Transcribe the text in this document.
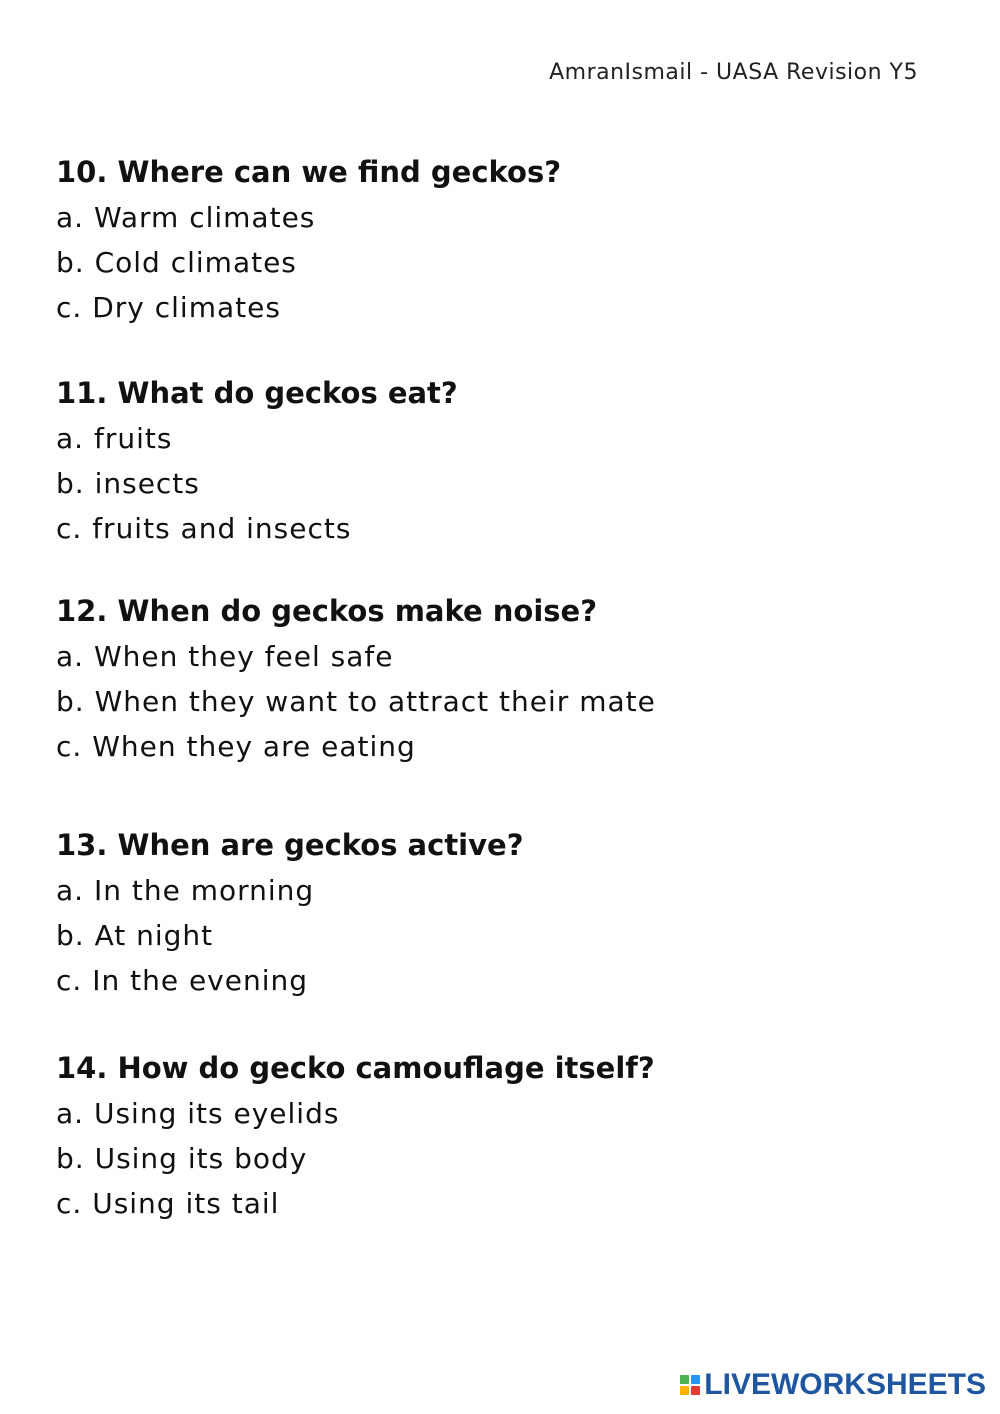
AmranIsmail - UASA Revision Y5
10. Where can we find geckos?
a. Warm climates
b. Cold climates
c. Dry climates
11. What do geckos eat?
a. fruits
b. insects
c. fruits and insects
12. When do geckos make noise?
a. When they feel safe
b. When they want to attract their mate
c. When they are eating
13. When are geckos active?
a. In the morning
b. At night
c. In the evening
14. How do gecko camouflage itself?
a. Using its eyelids
b. Using its body
c. Using its tail
LIVEWORKSHEETS
